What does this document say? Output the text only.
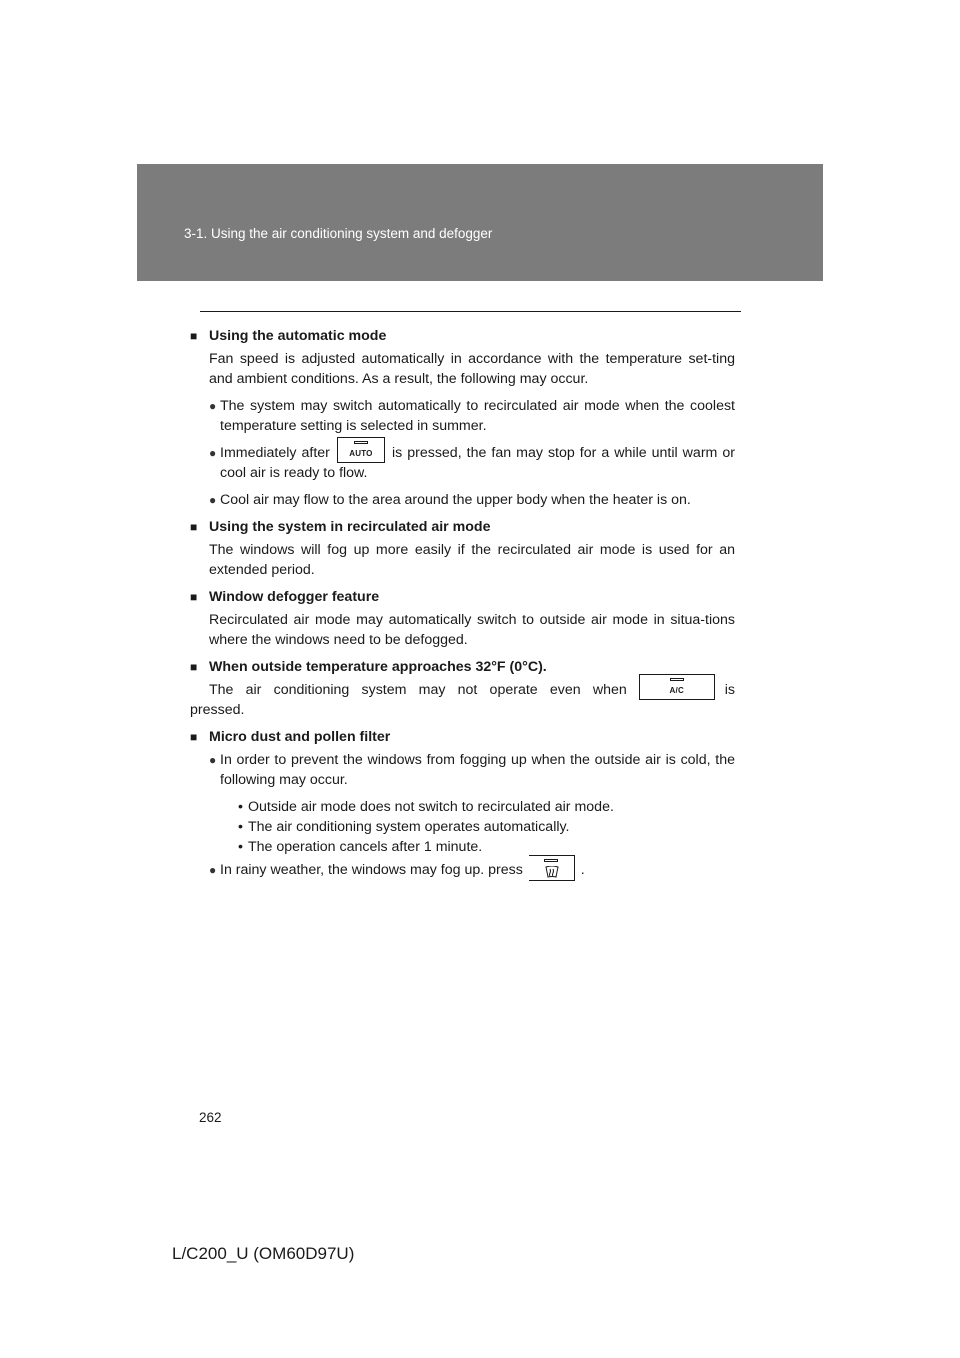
3-1. Using the air conditioning system and defogger
■ Using the automatic mode
Fan speed is adjusted automatically in accordance with the temperature set-ting and ambient conditions. As a result, the following may occur.
● The system may switch automatically to recirculated air mode when the coolest temperature setting is selected in summer.
● Immediately after	AUTO	is pressed, the fan may stop for a while until warm or cool air is ready to flow.
● Cool air may flow to the area around the upper body when the heater is on.
■ Using the system in recirculated air mode
The windows will fog up more easily if the recirculated air mode is used for an extended period.
■ Window defogger feature
Recirculated air mode may automatically switch to outside air mode in situa-tions where the windows need to be defogged.
■ When outside temperature approaches 32°F (0°C).
The air conditioning system may not operate even when	A/C	is
pressed.
■ Micro dust and pollen filter
● In order to prevent the windows from fogging up when the outside air is cold, the following may occur.
• Outside air mode does not switch to recirculated air mode.
• The air conditioning system operates automatically.
• The operation cancels after 1 minute.
● In rainy weather, the windows may fog up. press	.
262
L/C200_U (OM60D97U)
